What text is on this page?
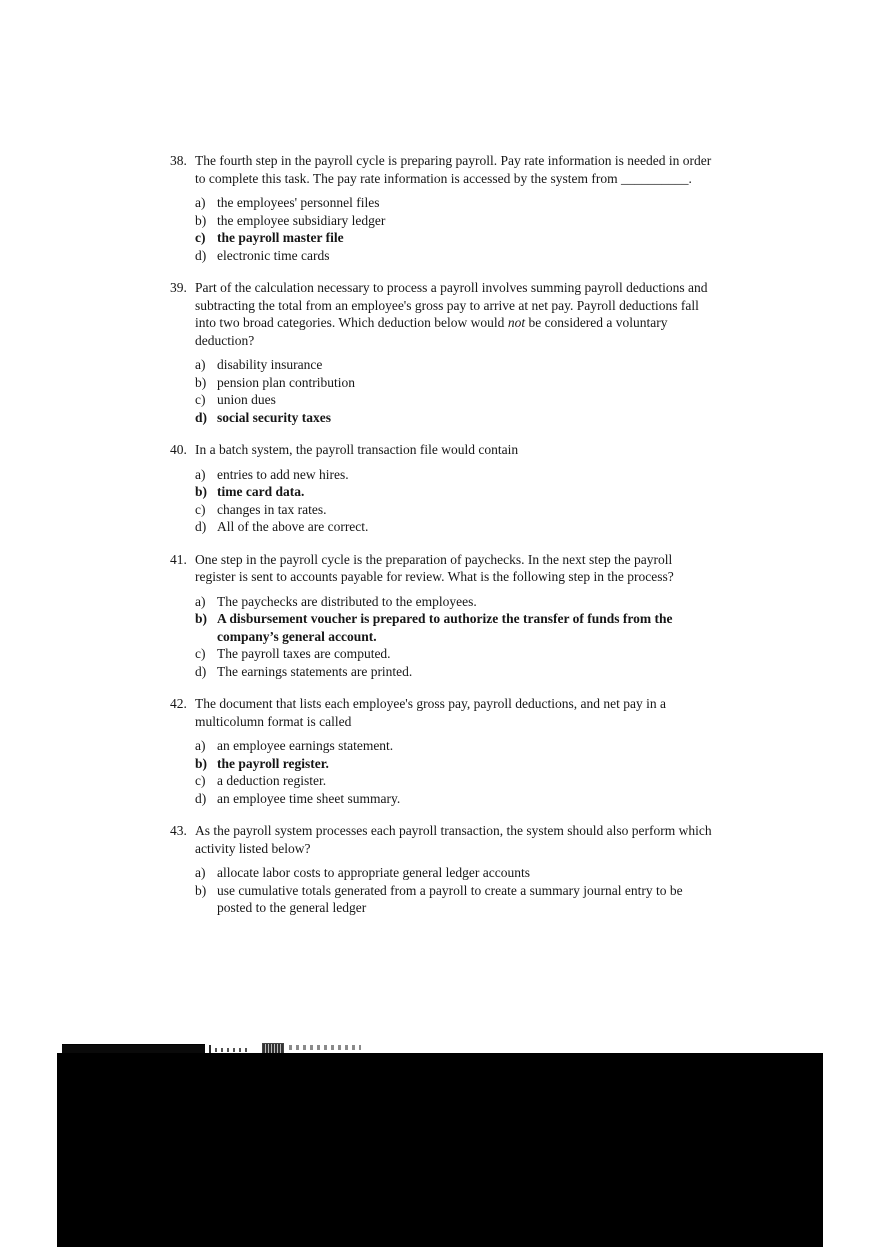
38. The fourth step in the payroll cycle is preparing payroll. Pay rate information is needed in order to complete this task. The pay rate information is accessed by the system from __________.
a) the employees' personnel files
b) the employee subsidiary ledger
c) the payroll master file
d) electronic time cards
39. Part of the calculation necessary to process a payroll involves summing payroll deductions and subtracting the total from an employee's gross pay to arrive at net pay. Payroll deductions fall into two broad categories. Which deduction below would not be considered a voluntary deduction?
a) disability insurance
b) pension plan contribution
c) union dues
d) social security taxes
40. In a batch system, the payroll transaction file would contain
a) entries to add new hires.
b) time card data.
c) changes in tax rates.
d) All of the above are correct.
41. One step in the payroll cycle is the preparation of paychecks. In the next step the payroll register is sent to accounts payable for review. What is the following step in the process?
a) The paychecks are distributed to the employees.
b) A disbursement voucher is prepared to authorize the transfer of funds from the company’s general account.
c) The payroll taxes are computed.
d) The earnings statements are printed.
42. The document that lists each employee's gross pay, payroll deductions, and net pay in a multicolumn format is called
a) an employee earnings statement.
b) the payroll register.
c) a deduction register.
d) an employee time sheet summary.
43. As the payroll system processes each payroll transaction, the system should also perform which activity listed below?
a) allocate labor costs to appropriate general ledger accounts
b) use cumulative totals generated from a payroll to create a summary journal entry to be posted to the general ledger
